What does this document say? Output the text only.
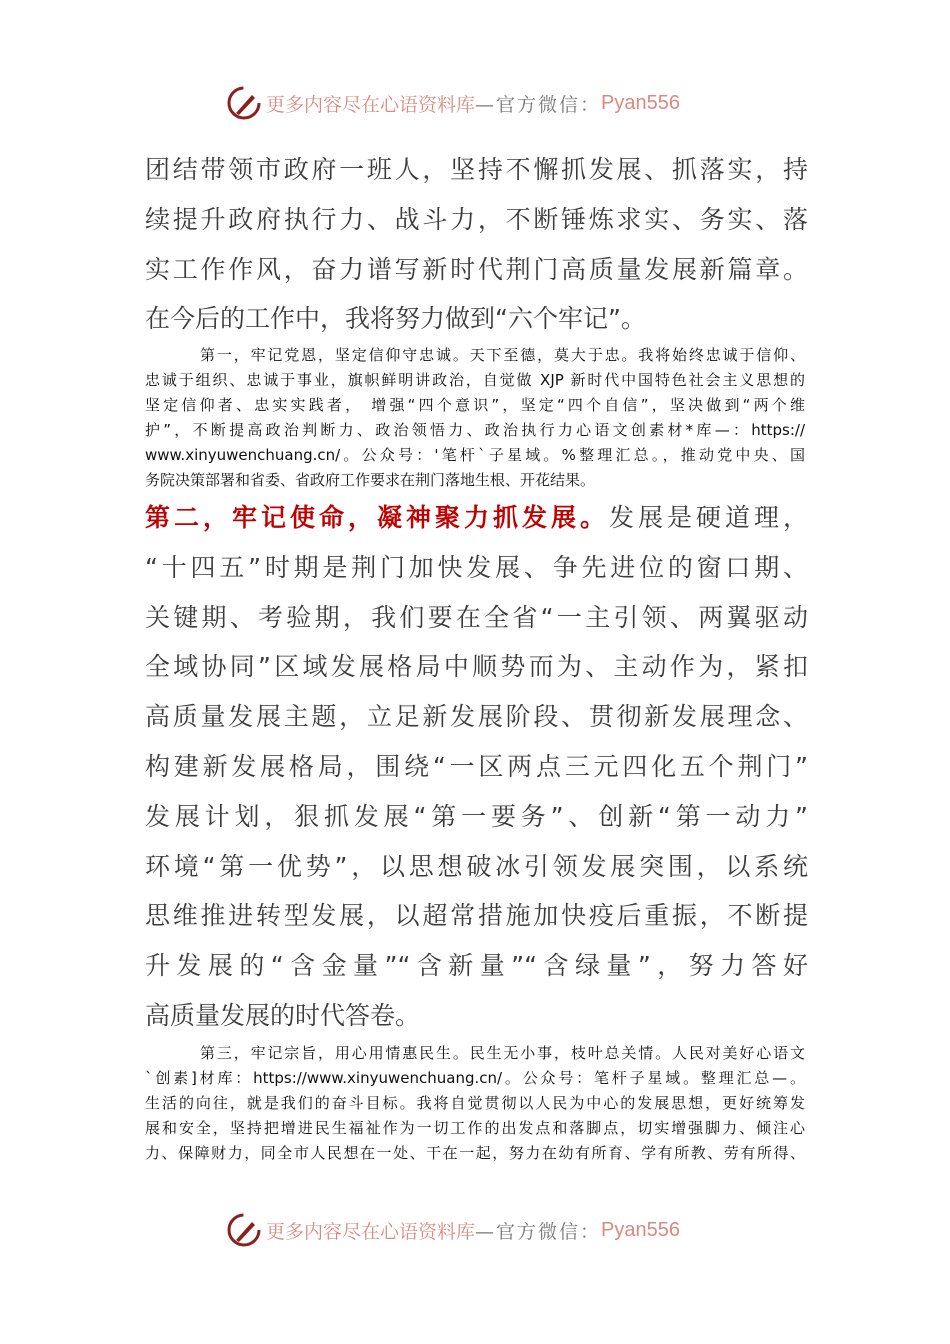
更多内容尽在心语资料库 —官方微信： Pyan556
团结带领市政府一班人，坚持不懈抓发展、抓落实，持
续提升政府执行力、战斗力，不断锤炼求实、务实、落
实工作作风，奋力谱写新时代荆门高质量发展新篇章。
在今后的工作中，我将努力做到“六个牢记”。
第一，牢记党恩，坚定信仰守忠诚。天下至德，莫大于忠。我将始终忠诚于信仰、
忠诚于组织、忠诚于事业，旗帜鲜明讲政治，自觉做 XJP 新时代中国特色社会主义思想的
坚定信仰者、忠实实践者， 增强“四个意识”，坚定“四个自信”，坚决做到“两个维
护”，不断提高政治判断力、政治领悟力、政治执行力心语文创素材*库—：https://
www.xinyuwenchuang.cn/。公众号：'笔杆`子星域。%整理汇总。，推动党中央、国
务院决策部署和省委、省政府工作要求在荆门落地生根、开花结果。
第二，牢记使命，凝神聚力抓发展。发展是硬道理，
“十四五”时期是荆门加快发展、争先进位的窗口期、
关键期、考验期，我们要在全省“一主引领、两翼驱动
全域协同”区域发展格局中顺势而为、主动作为，紧扣
高质量发展主题，立足新发展阶段、贯彻新发展理念、
构建新发展格局，围绕“一区两点三元四化五个荆门”
发展计划，狠抓发展“第一要务”、创新“第一动力”
环境“第一优势”，以思想破冰引领发展突围，以系统
思维推进转型发展，以超常措施加快疫后重振，不断提
升发展的“含金量”“含新量”“含绿量”，努力答好
高质量发展的时代答卷。
第三，牢记宗旨，用心用情惠民生。民生无小事，枝叶总关情。人民对美好心语文
`创素]材库：https://www.xinyuwenchuang.cn/。公众号：笔杆子星域。整理汇总—。
生活的向往，就是我们的奋斗目标。我将自觉贯彻以人民为中心的发展思想，更好统筹发
展和安全，坚持把增进民生福祉作为一切工作的出发点和落脚点，切实增强脚力、倾注心
力、保障财力，同全市人民想在一处、干在一起，努力在幼有所育、学有所教、劳有所得、
更多内容尽在心语资料库 —官方微信： Pyan556
